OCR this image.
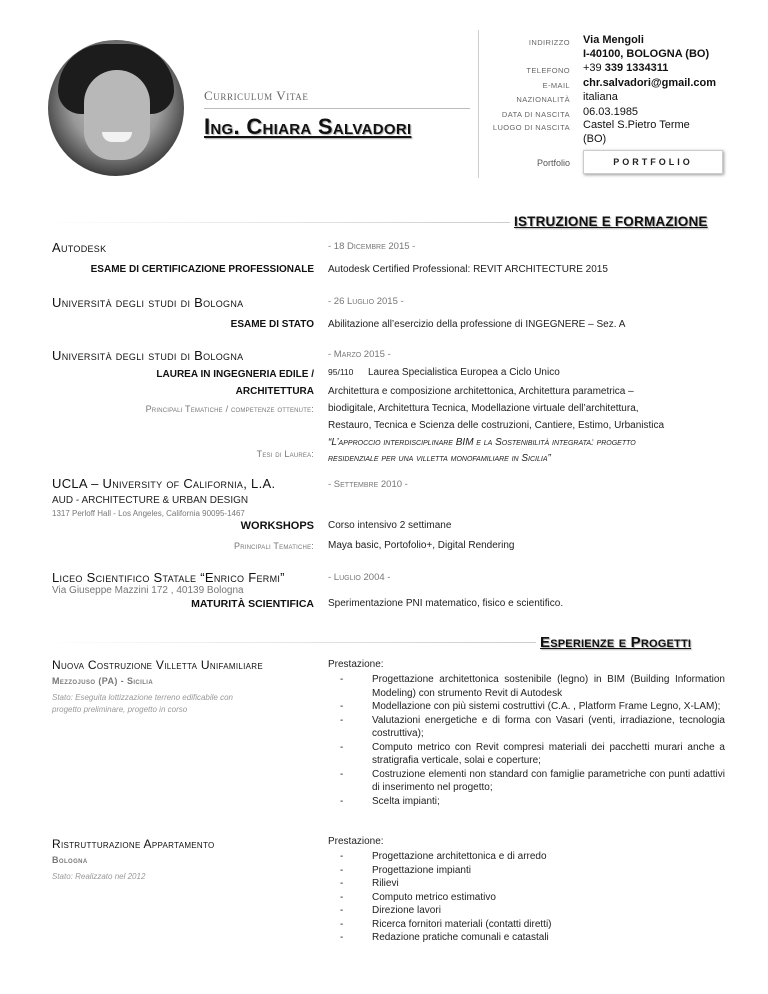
Curriculum Vitae
Ing. Chiara Salvadori
INDIRIZZO Via Mengoli
I-40100, BOLOGNA (BO)
TELEFONO +39 339 1334311
E-MAIL chr.salvadori@gmail.com
NAZIONALITÀ italiana
DATA DI NASCITA 06.03.1985
LUOGO DI NASCITA Castel S.Pietro Terme
(BO)
Portfolio	PORTFOLIO
ISTRUZIONE E FORMAZIONE
Autodesk	- 18 Dicembre 2015 -
ESAME DI CERTIFICAZIONE PROFESSIONALE Autodesk Certified Professional: REVIT ARCHITECTURE 2015
Università degli studi di Bologna	- 26 Luglio 2015 -
ESAME DI STATO Abilitazione all’esercizio della professione di INGEGNERE – Sez. A
Università degli studi di Bologna	- Marzo 2015 -
LAUREA IN INGEGNERIA EDILE /
ARCHITETTURA
95/110 Laurea Specialistica Europea a Ciclo Unico
Principali Tematiche / competenze ottenute:
Architettura e composizione architettonica, Architettura parametrica –
biodigitale, Architettura Tecnica, Modellazione virtuale dell’architettura,
Restauro, Tecnica e Scienza delle costruzioni, Cantiere, Estimo, Urbanistica
Tesi di Laurea:
“L’approccio interdisciplinare BIM e la Sostenibilità integrata: progetto
residenziale per una villetta monofamiliare in Sicilia”
UCLA – University of California, L.A.
AUD - ARCHITECTURE & URBAN DESIGN
1317 Perloff Hall - Los Angeles, California 90095-1467
- Settembre 2010 -
WORKSHOPS Corso intensivo 2 settimane
Principali Tematiche: Maya basic, Portofolio+, Digital Rendering
Liceo Scientifico Statale “Enrico Fermi”
Via Giuseppe Mazzini 172 , 40139 Bologna
- Luglio 2004 -
MATURITÀ SCIENTIFICA Sperimentazione PNI matematico, fisico e scientifico.
Esperienze e Progetti
Nuova Costruzione Villetta Unifamiliare
Mezzojuso (PA) - Sicilia
Stato: Eseguita lottizzazione terreno edificabile con
progetto preliminare, progetto in corso
Prestazione:
-	Progettazione architettonica sostenibile (legno) in BIM (Building Information Modeling) con strumento Revit di Autodesk
-	Modellazione con più sistemi costruttivi (C.A. , Platform Frame Legno, X-LAM);
-	Valutazioni energetiche e di forma con Vasari (venti, irradiazione, tecnologia costruttiva);
-	Computo metrico con Revit compresi materiali dei pacchetti murari anche a stratigrafia verticale, solai e coperture;
-	Costruzione elementi non standard con famiglie parametriche con punti adattivi di inserimento nel progetto;
-	Scelta impianti;
Ristrutturazione Appartamento
Bologna
Stato: Realizzato nel 2012
Prestazione:
-	Progettazione architettonica e di arredo
-	Progettazione impianti
-	Rilievi
-	Computo metrico estimativo
-	Direzione lavori
-	Ricerca fornitori materiali (contatti diretti)
-	Redazione pratiche comunali e catastali
